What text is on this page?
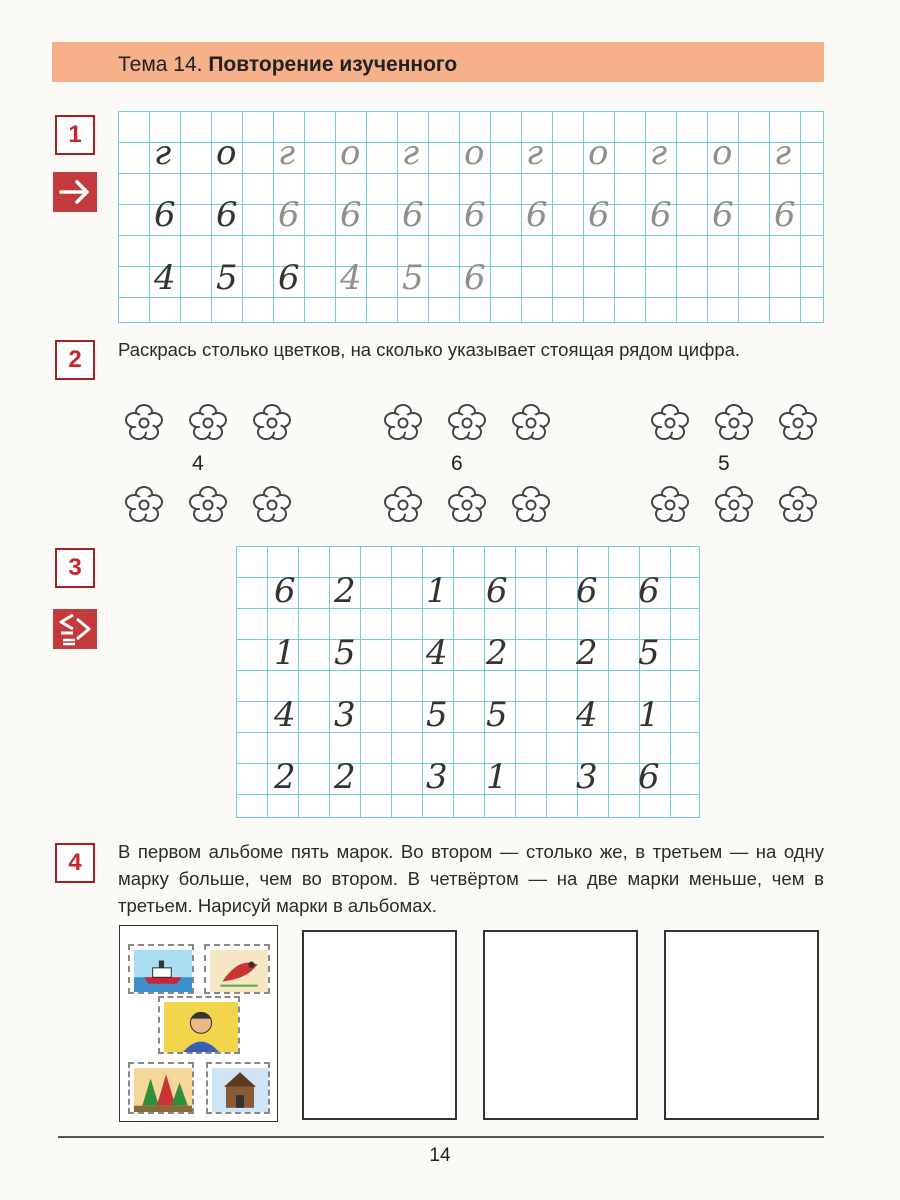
Тема 14. Повторение изученного
1	г о г о г о г о г о г
6 6 6 6 6 6 6 6 6 6 6
4 5 6 4 5 6
2	Раскрась столько цветков, на сколько указывает стоящая рядом цифра.
4	6	5
3
6 2 1 6 6 6
1 5 4 2 2 5
4 3 5 5 4 1
2 2 3 1 3 6
4	В первом альбоме пять марок. Во втором — столько же, в третьем — на одну марку больше, чем во втором. В четвёртом — на две марки меньше, чем в третьем. Нарисуй марки в альбомах.
14
